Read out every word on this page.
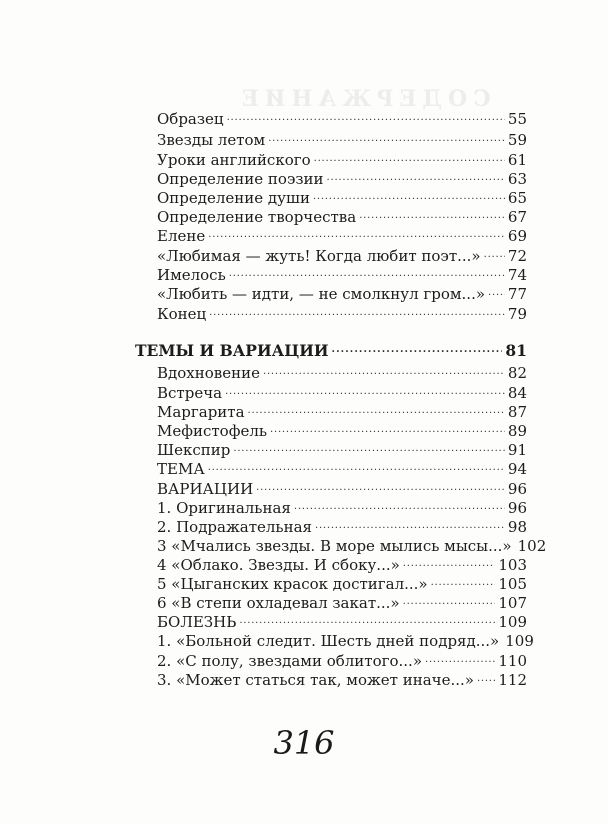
СОДЕРЖАНИЕ
Образец . . .	55
Звезды летом . . .	59
Уроки английского . . .	61
Определение поэзии . . .	63
Определение души . . .	65
Определение творчества . . .	67
Елене . . .	69
«Любимая — жуть! Когда любит поэт...» . . . 72
Имелось . . .	74
«Любить — идти, — не смолкнул гром...» . . . 77
Конец . . .	79
ТЕМЫ И ВАРИАЦИИ . . .	81
Вдохновение . . .	82
Встреча . . .	84
Маргарита . . .	87
Мефистофель . . .	89
Шекспир . . .	91
ТЕМА . . .	94
ВАРИАЦИИ . . .	96
1. Оригинальная . . .	96
2. Подражательная . . .	98
3 «Мчались звезды. В море мылись мысы...» 102
4 «Облако. Звезды. И сбоку...» . . .	103
5 «Цыганских красок достигал...» . . .	105
6 «В степи охладевал закат...» . . .	107
БОЛЕЗНЬ . . .	109
1. «Больной следит. Шесть дней подряд...» 109
2. «С полу, звездами облитого...» . . .	110
3. «Может статься так, может иначе...» . . . 112
316
